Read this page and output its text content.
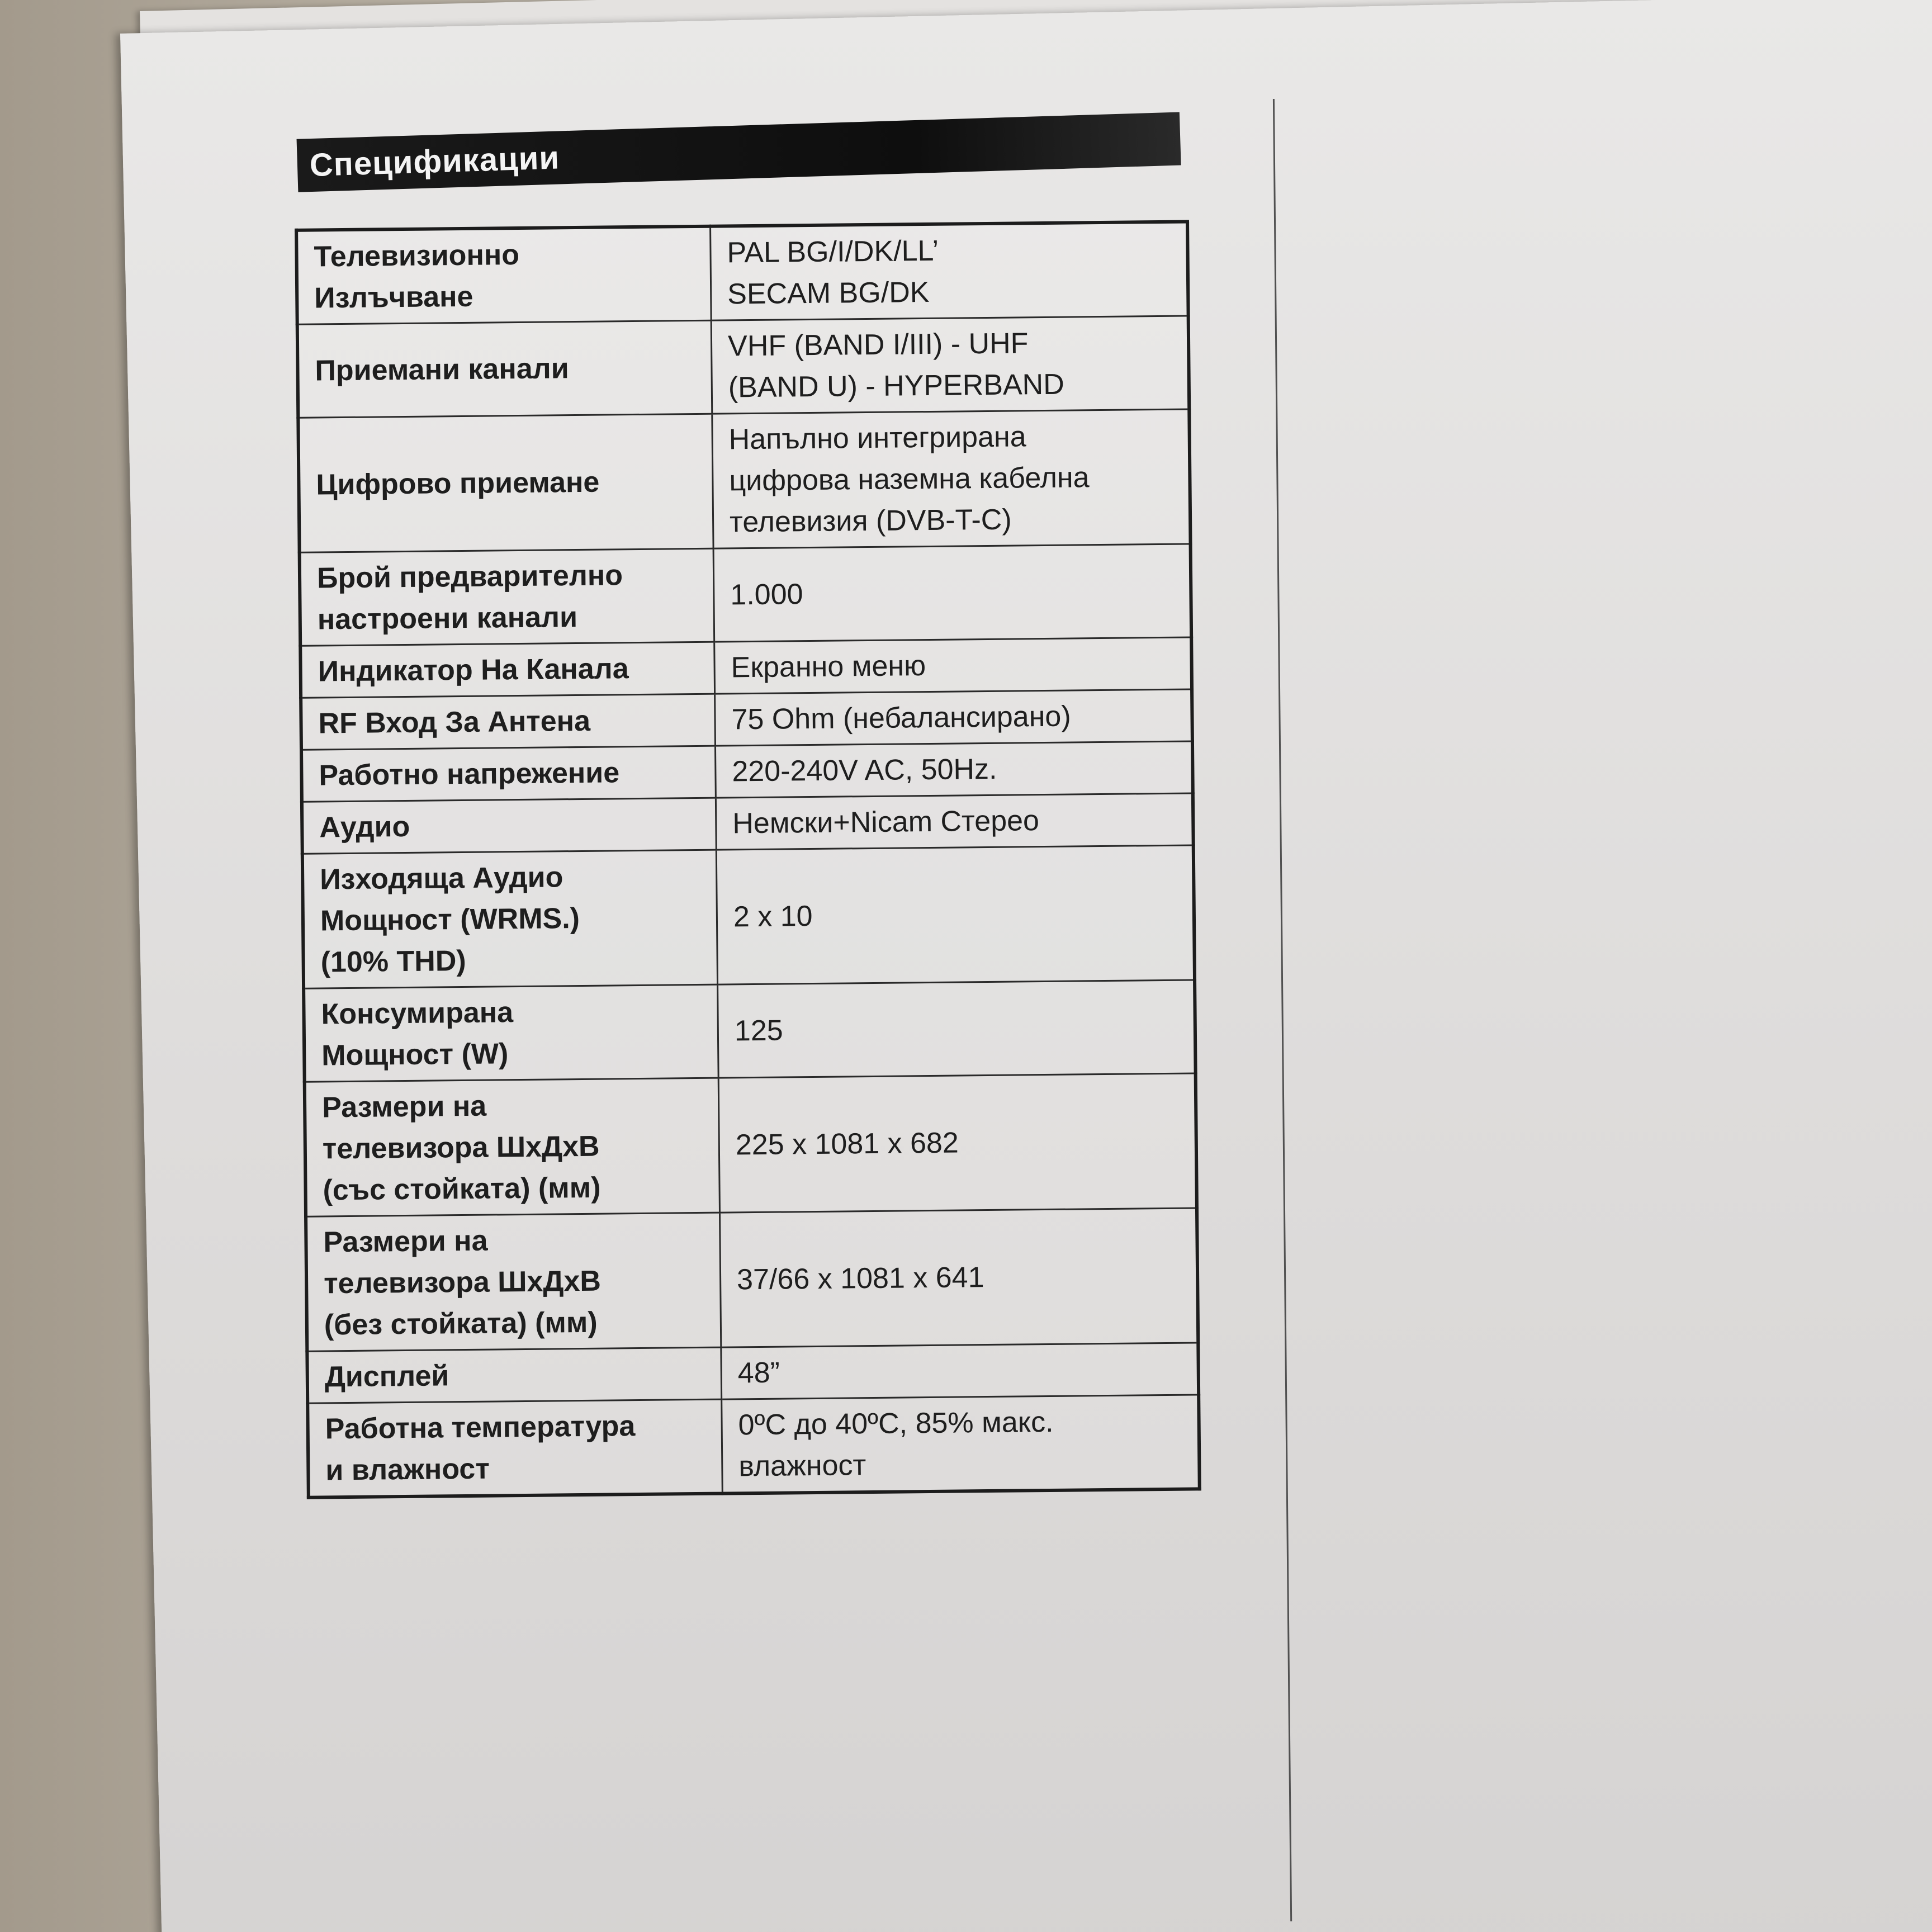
Спецификации
Телевизионно
Излъчване	PAL BG/I/DK/LL’
SECAM BG/DK
Приемани канали	VHF (BAND I/III) - UHF
(BAND U) - HYPERBAND
Цифрово приемане	Напълно интегрирана
цифрова наземна кабелна
телевизия (DVB-T-C)
Брой предварително
настроени канали	1.000
Индикатор На Канала	Екранно меню
RF Вход За Антена	75 Ohm (небалансирано)
Работно напрежение	220-240V AC, 50Hz.
Аудио	Немски+Nicam Стерео
Изходяща Аудио
Мощност (WRMS.)
(10% THD)	2 x 10
Консумирана
Мощност (W)	125
Размери на
телевизора ШхДхВ
(със стойката) (мм)	225 x 1081 x 682
Размери на
телевизора ШхДхВ
(без стойката) (мм)	37/66 x 1081 x 641
Дисплей	48”
Работна температура
и влажност	0ºC до 40ºC, 85% макс.
влажност
